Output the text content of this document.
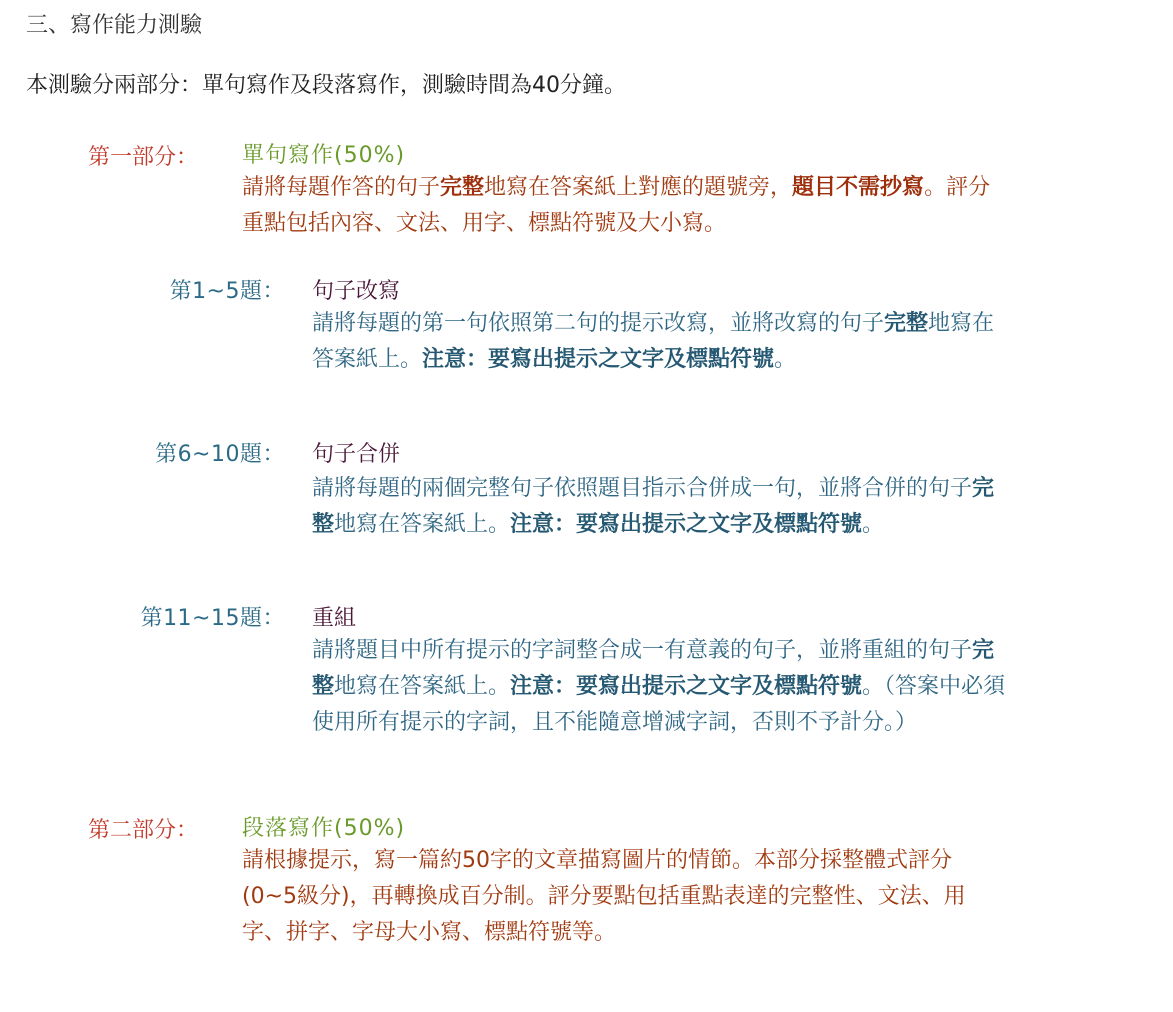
三、寫作能力測驗
本測驗分兩部分：單句寫作及段落寫作，測驗時間為40分鐘。
第一部分： 單句寫作(50%)
請將每題作答的句子完整地寫在答案紙上對應的題號旁，題目不需抄寫。評分重點包括內容、文法、用字、標點符號及大小寫。
第1~5題： 句子改寫
請將每題的第一句依照第二句的提示改寫，並將改寫的句子完整地寫在答案紙上。注意：要寫出提示之文字及標點符號。
第6~10題： 句子合併
請將每題的兩個完整句子依照題目指示合併成一句，並將合併的句子完整地寫在答案紙上。注意：要寫出提示之文字及標點符號。
第11~15題： 重組
請將題目中所有提示的字詞整合成一有意義的句子，並將重組的句子完整地寫在答案紙上。注意：要寫出提示之文字及標點符號。（答案中必須使用所有提示的字詞，且不能隨意增減字詞，否則不予計分。）
第二部分： 段落寫作(50%)
請根據提示，寫一篇約50字的文章描寫圖片的情節。本部分採整體式評分(0~5級分)，再轉換成百分制。評分要點包括重點表達的完整性、文法、用字、拼字、字母大小寫、標點符號等。
